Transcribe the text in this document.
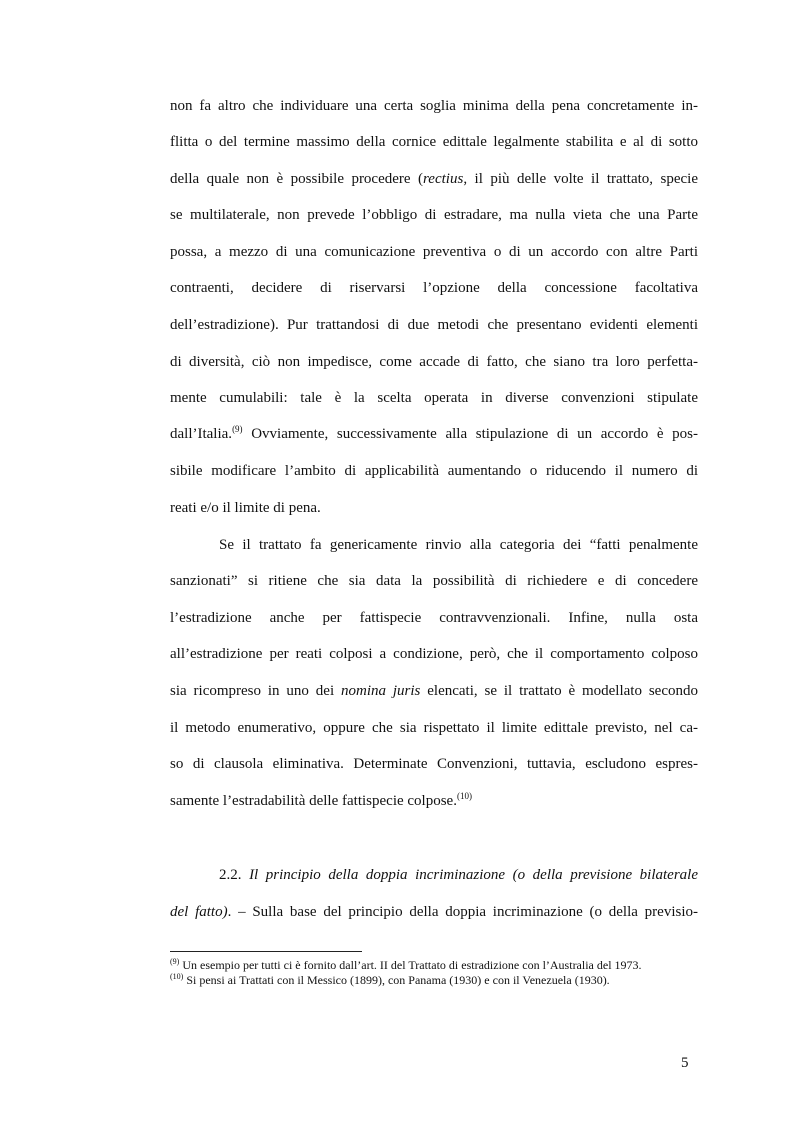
non fa altro che individuare una certa soglia minima della pena concretamente in-
flitta o del termine massimo della cornice edittale legalmente stabilita e al di sotto
della quale non è possibile procedere (rectius, il più delle volte il trattato, specie
se multilaterale, non prevede l’obbligo di estradare, ma nulla vieta che una Parte
possa, a mezzo di una comunicazione preventiva o di un accordo con altre Parti
contraenti, decidere di riservarsi l’opzione della concessione facoltativa
dell’estradizione). Pur trattandosi di due metodi che presentano evidenti elementi
di diversità, ciò non impedisce, come accade di fatto, che siano tra loro perfetta-
mente cumulabili: tale è la scelta operata in diverse convenzioni stipulate
dall’Italia.$^{(9)}$ Ovviamente, successivamente alla stipulazione di un accordo è pos-
sibile modificare l’ambito di applicabilità aumentando o riducendo il numero di
reati e/o il limite di pena.
Se il trattato fa genericamente rinvio alla categoria dei “fatti penalmente
sanzionati” si ritiene che sia data la possibilità di richiedere e di concedere
l’estradizione anche per fattispecie contravvenzionali. Infine, nulla osta
all’estradizione per reati colposi a condizione, però, che il comportamento colposo
sia ricompreso in uno dei nomina juris elencati, se il trattato è modellato secondo
il metodo enumerativo, oppure che sia rispettato il limite edittale previsto, nel ca-
so di clausola eliminativa. Determinate Convenzioni, tuttavia, escludono espres-
samente l’estradabilità delle fattispecie colpose.$^{(10)}$
2.2. Il principio della doppia incriminazione (o della previsione bilaterale
del fatto). – Sulla base del principio della doppia incriminazione (o della previsio-
$^{(9)}$ Un esempio per tutti ci è fornito dall’art. II del Trattato di estradizione con l’Australia del 1973.
$^{(10)}$ Si pensi ai Trattati con il Messico (1899), con Panama (1930) e con il Venezuela (1930).
5
